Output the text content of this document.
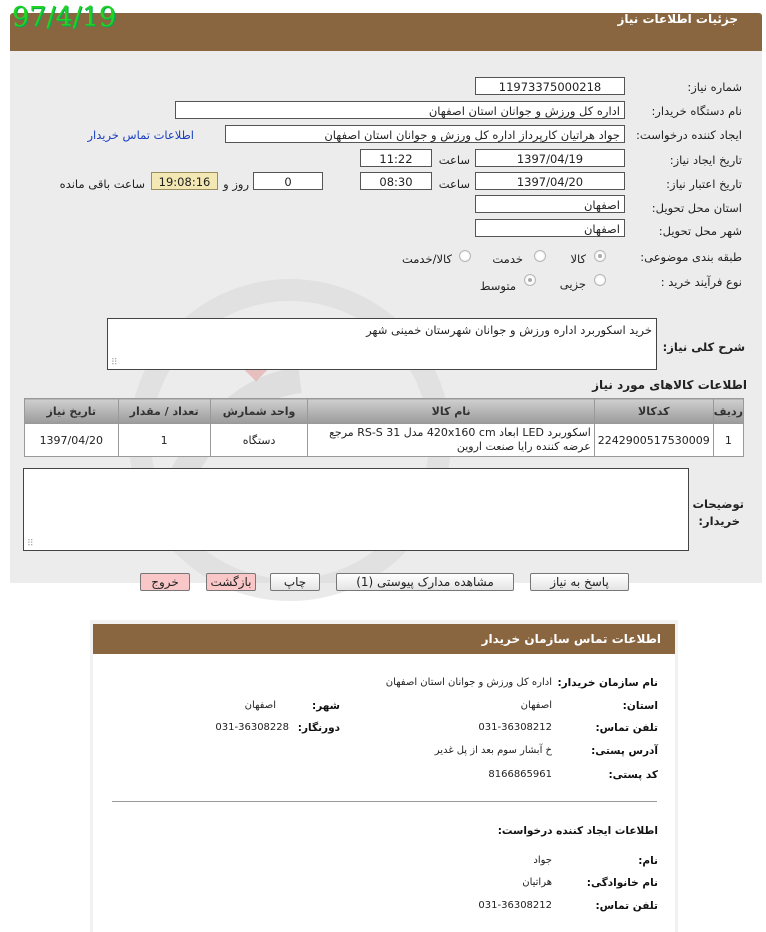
جزئیات اطلاعات نیاز
97/4/19
شماره نیاز:
1197337500021‌8
نام دستگاه خریدار:
اداره کل ورزش و جوانان استان اصفهان
ایجاد کننده درخواست:
جواد هراتیان کارپرداز اداره کل ورزش و جوانان استان اصفهان
اطلاعات تماس خریدار
تاریخ ایجاد نیاز:
1397/04/19
ساعت
11:22
تاریخ اعتبار نیاز:
1397/04/20
ساعت
08:30
0
روز و
19:08:16
ساعت باقی مانده
استان محل تحویل:
اصفهان
شهر محل تحویل:
اصفهان
طبقه بندی موضوعی:
کالا
خدمت
کالا/خدمت
نوع فرآیند خرید :
جزیی
متوسط
شرح کلی نیاز:
خرید اسکوربرد اداره ورزش و جوانان شهرستان خمینی شهر
⠿
اطلاعات کالاهای مورد نیاز
ردیف	کدکالا	نام کالا	واحد شمارش	تعداد / مقدار	تاریخ نیاز
1	2242900517530009	اسکوربرد LED ابعاد 420x160 cm مدل RS-S 31 مرجع
عرضه کننده رایا صنعت اروین	دستگاه	1	1397/04/20
توضیحات
خریدار:
⠿
پاسخ به نیاز
مشاهده مدارک پیوستی (1)
چاپ
بازگشت
خروج
اطلاعات تماس سازمان خریدار
نام سازمان خریدار:
اداره کل ورزش و جوانان استان اصفهان
استان:
اصفهان
شهر:
اصفهان
تلفن تماس:
031-36308212
دورنگار:
031-36308228
آدرس پستی:
خ آبشار سوم بعد از پل غدیر
کد پستی:
8166865961
اطلاعات ایجاد کننده درخواست:
نام:
جواد
نام خانوادگی:
هراتیان
تلفن تماس:
031-36308212
